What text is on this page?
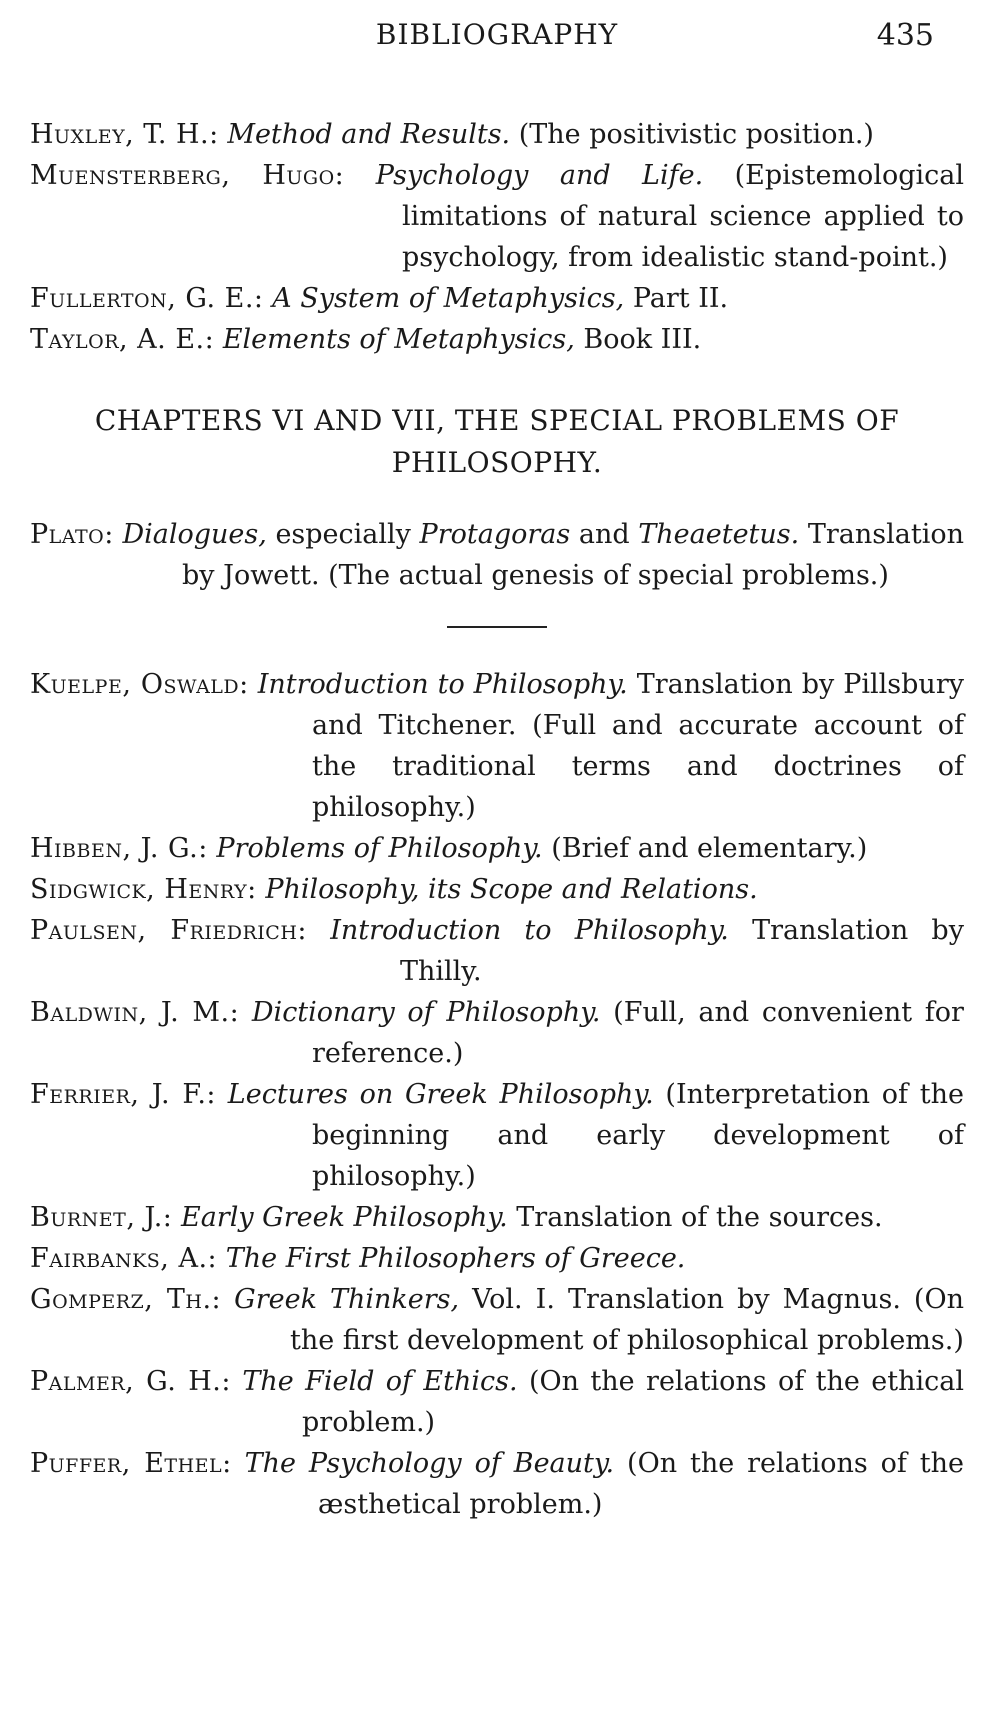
BIBLIOGRAPHY	435

Huxley, T. H.: Method and Results. (The positivistic position.)

Muensterberg, Hugo: Psychology and Life. (Epistemological limitations of natural science applied to psychology, from idealistic stand-point.)

Fullerton, G. E.: A System of Metaphysics, Part II.

Taylor, A. E.: Elements of Metaphysics, Book III.

CHAPTERS VI AND VII, THE SPECIAL PROBLEMS OF PHILOSOPHY.

Plato: Dialogues, especially Protagoras and Theaetetus. Translation by Jowett. (The actual genesis of special problems.)

Kuelpe, Oswald: Introduction to Philosophy. Translation by Pillsbury and Titchener. (Full and accurate account of the traditional terms and doctrines of philosophy.)

Hibben, J. G.: Problems of Philosophy. (Brief and elementary.)

Sidgwick, Henry: Philosophy, its Scope and Relations.

Paulsen, Friedrich: Introduction to Philosophy. Translation by Thilly.

Baldwin, J. M.: Dictionary of Philosophy. (Full, and convenient for reference.)

Ferrier, J. F.: Lectures on Greek Philosophy. (Interpretation of the beginning and early development of philosophy.)

Burnet, J.: Early Greek Philosophy. Translation of the sources.

Fairbanks, A.: The First Philosophers of Greece.

Gomperz, Th.: Greek Thinkers, Vol. I. Translation by Magnus. (On the first development of philosophical problems.)

Palmer, G. H.: The Field of Ethics. (On the relations of the ethical problem.)

Puffer, Ethel: The Psychology of Beauty. (On the relations of the æsthetical problem.)
